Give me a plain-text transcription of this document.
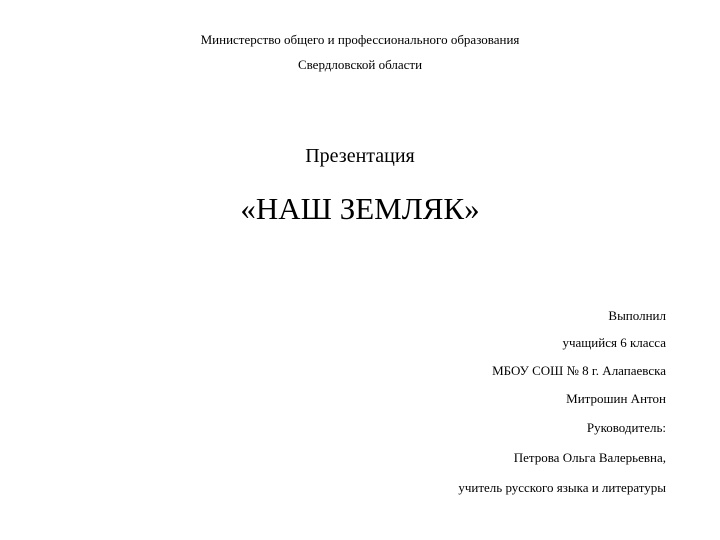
Министерство общего и профессионального образования
Свердловской области
Презентация
«НАШ ЗЕМЛЯК»
Выполнил
учащийся 6 класса
МБОУ СОШ № 8 г. Алапаевска
Митрошин Антон
Руководитель:
Петрова Ольга Валерьевна,
учитель русского языка и литературы
